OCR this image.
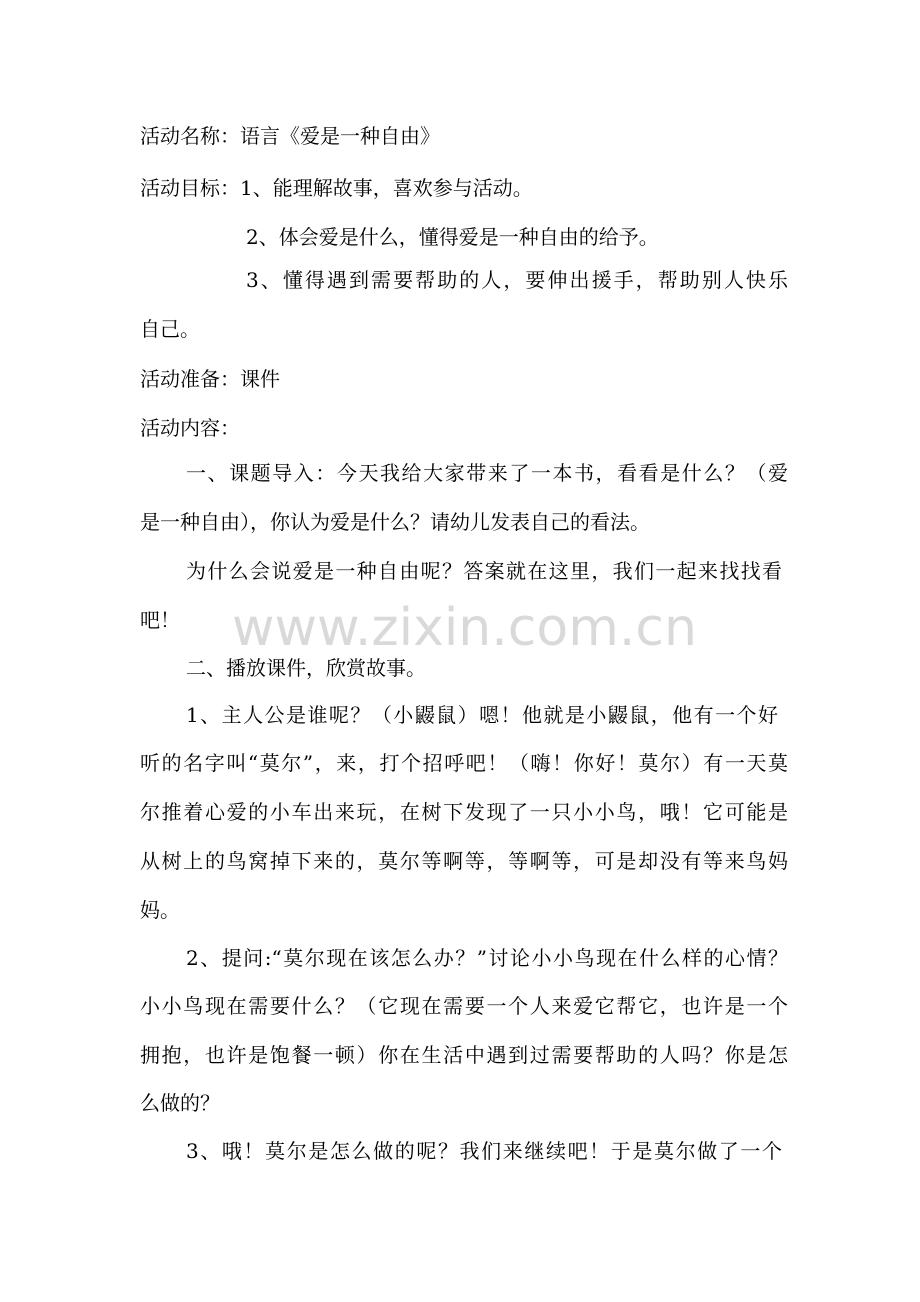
www.zixin.com.cn
活动名称：语言《爱是一种自由》
活动目标：1、能理解故事，喜欢参与活动。
2、体会爱是什么，懂得爱是一种自由的给予。
3、懂得遇到需要帮助的人，要伸出援手，帮助别人快乐
自己。
活动准备：课件
活动内容：
一、课题导入：今天我给大家带来了一本书，看看是什么？（爱
是一种自由），你认为爱是什么？请幼儿发表自己的看法。
为什么会说爱是一种自由呢？答案就在这里，我们一起来找找看
吧！
二、播放课件，欣赏故事。
1、主人公是谁呢？（小鼹鼠）嗯！他就是小鼹鼠，他有一个好
听的名字叫“莫尔”，来，打个招呼吧！（嗨！你好！莫尔）有一天莫
尔推着心爱的小车出来玩，在树下发现了一只小小鸟，哦！它可能是
从树上的鸟窝掉下来的，莫尔等啊等，等啊等，可是却没有等来鸟妈
妈。
2、提问:“莫尔现在该怎么办？”讨论小小鸟现在什么样的心情？
小小鸟现在需要什么？（它现在需要一个人来爱它帮它，也许是一个
拥抱，也许是饱餐一顿）你在生活中遇到过需要帮助的人吗？你是怎
么做的？
3、哦！莫尔是怎么做的呢？我们来继续吧！于是莫尔做了一个
